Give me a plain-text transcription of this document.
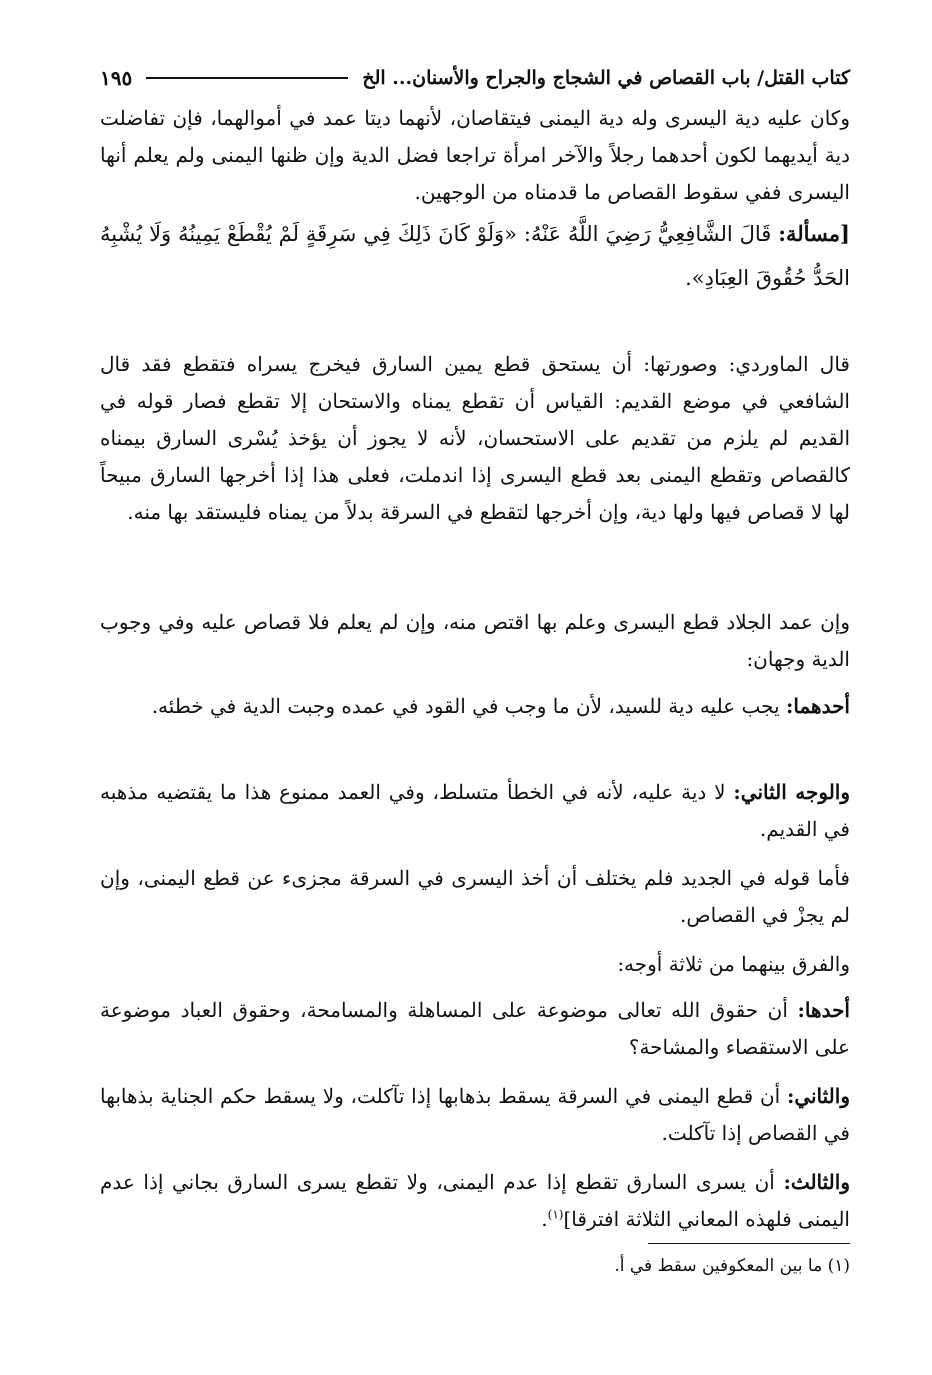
كتاب القتل/ باب القصاص في الشجاج والجراح والأسنان... الخ
١٩٥
وكان عليه دية اليسرى وله دية اليمنى فيتقاصان، لأنهما ديتا عمد في أموالهما، فإن تفاضلت دية أيديهما لكون أحدهما رجلاً والآخر امرأة تراجعا فضل الدية وإن ظنها اليمنى ولم يعلم أنها اليسرى ففي سقوط القصاص ما قدمناه من الوجهين.
[مسألة: قَالَ الشَّافِعِيُّ رَضِيَ اللَّهُ عَنْهُ: «وَلَوْ كَانَ ذَلِكَ فِي سَرِقَةٍ لَمْ يُقْطَعْ يَمِينُهُ وَلَا يُشْبِهُ الحَدُّ حُقُوقَ العِبَادِ».
قال الماوردي: وصورتها: أن يستحق قطع يمين السارق فيخرج يسراه فتقطع فقد قال الشافعي في موضع القديم: القياس أن تقطع يمناه والاستحان إلا تقطع فصار قوله في القديم لم يلزم من تقديم على الاستحسان، لأنه لا يجوز أن يؤخذ يُسْرى السارق بيمناه كالقصاص وتقطع اليمنى بعد قطع اليسرى إذا اندملت، فعلى هذا إذا أخرجها السارق مبيحاً لها لا قصاص فيها ولها دية، وإن أخرجها لتقطع في السرقة بدلاً من يمناه فليستقد بها منه.
وإن عمد الجلاد قطع اليسرى وعلم بها اقتص منه، وإن لم يعلم فلا قصاص عليه وفي وجوب الدية وجهان:
أحدهما: يجب عليه دية للسيد، لأن ما وجب في القود في عمده وجبت الدية في خطئه.
والوجه الثاني: لا دية عليه، لأنه في الخطأ متسلط، وفي العمد ممنوع هذا ما يقتضيه مذهبه في القديم.
فأما قوله في الجديد فلم يختلف أن أخذ اليسرى في السرقة مجزىء عن قطع اليمنى، وإن لم يجزْ في القصاص.
والفرق بينهما من ثلاثة أوجه:
أحدها: أن حقوق الله تعالى موضوعة على المساهلة والمسامحة، وحقوق العباد موضوعة على الاستقصاء والمشاحة؟
والثاني: أن قطع اليمنى في السرقة يسقط بذهابها إذا تآكلت، ولا يسقط حكم الجناية بذهابها في القصاص إذا تآكلت.
والثالث: أن يسرى السارق تقطع إذا عدم اليمنى، ولا تقطع يسرى السارق بجاني إذا عدم اليمنى فلهذه المعاني الثلاثة افترقا]$^{(١)}$.
(١) ما بين المعكوفين سقط في أ.
